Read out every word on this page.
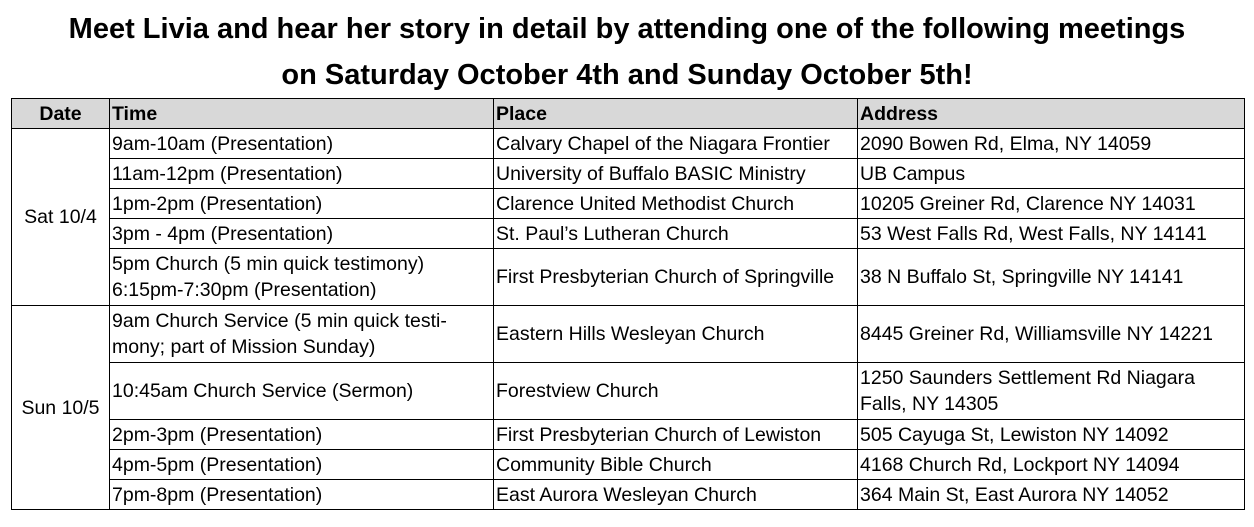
Meet Livia and hear her story in detail by attending one of the following meetings
on Saturday October 4th and Sunday October 5th!
Date	Time	Place	Address
Sat 10/4	9am-10am (Presentation)	Calvary Chapel of the Niagara Frontier	2090 Bowen Rd, Elma, NY 14059

	11am-12pm (Presentation)	University of Buffalo BASIC Ministry	UB Campus

	1pm-2pm (Presentation)	Clarence United Methodist Church	10205 Greiner Rd, Clarence NY 14031

	3pm - 4pm (Presentation)	St. Paul’s Lutheran Church	53 West Falls Rd, West Falls, NY 14141

	5pm Church (5 min quick testimony)
6:15pm-7:30pm (Presentation)	First Presbyterian Church of Springville	38 N Buffalo St, Springville NY 14141

Sun 10/5	9am Church Service (5 min quick testi-
mony; part of Mission Sunday)	Eastern Hills Wesleyan Church	8445 Greiner Rd, Williamsville NY 14221

	10:45am Church Service (Sermon)	Forestview Church	1250 Saunders Settlement Rd Niagara
Falls, NY 14305

	2pm-3pm (Presentation)	First Presbyterian Church of Lewiston	505 Cayuga St, Lewiston NY 14092

	4pm-5pm (Presentation)	Community Bible Church	4168 Church Rd, Lockport NY 14094

	7pm-8pm (Presentation)	East Aurora Wesleyan Church	364 Main St, East Aurora NY 14052
